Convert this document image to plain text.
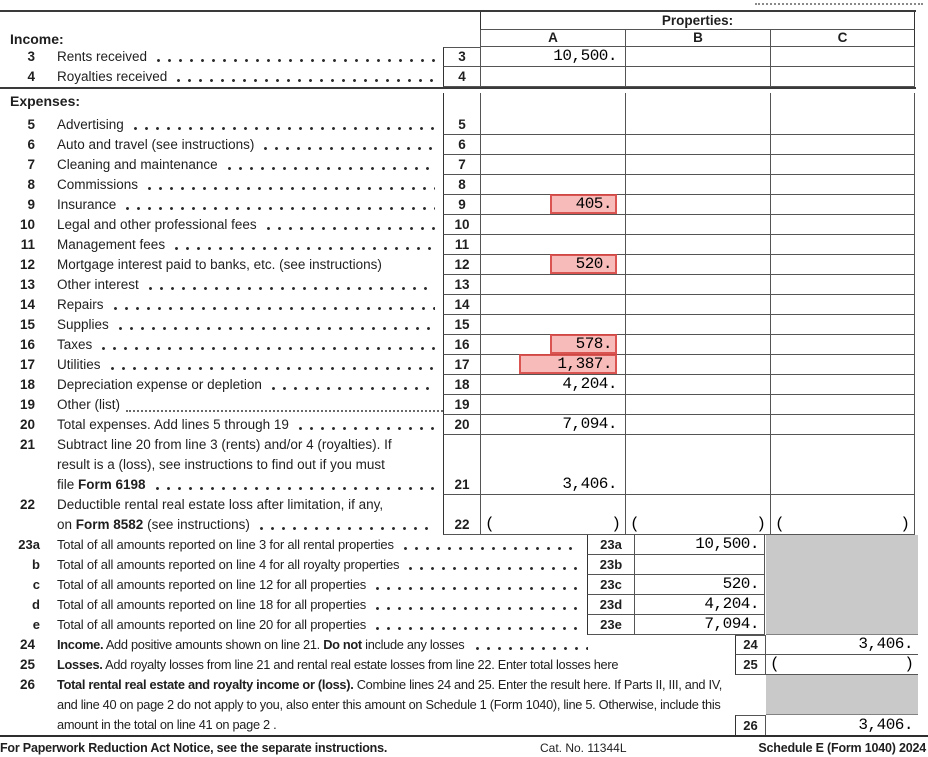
Properties:
Income:	A	B	C
3 Rents received	3	10,500.
4 Royalties received	4
Expenses:
5 Advertising	5
6 Auto and travel (see instructions)	6
7 Cleaning and maintenance	7
8 Commissions	8
9 Insurance	9	405.
10 Legal and other professional fees	10
11 Management fees	11
12 Mortgage interest paid to banks, etc. (see instructions)	12	520.
13 Other interest	13
14 Repairs	14
15 Supplies	15
16 Taxes	16	578.
17 Utilities	17	1,387.
18 Depreciation expense or depletion	18	4,204.
19 Other (list)	19
20 Total expenses. Add lines 5 through 19	20	7,094.
21 Subtract line 20 from line 3 (rents) and/or 4 (royalties). If
result is a (loss), see instructions to find out if you must
file Form 6198	21	3,406.
22 Deductible rental real estate loss after limitation, if any,
on Form 8582 (see instructions)	22 (	) (	) (	)
23a Total of all amounts reported on line 3 for all rental properties	23a	10,500.
b Total of all amounts reported on line 4 for all royalty properties	23b
c Total of all amounts reported on line 12 for all properties	23c	520.
d Total of all amounts reported on line 18 for all properties	23d	4,204.
e Total of all amounts reported on line 20 for all properties	23e	7,094.
24 Income. Add positive amounts shown on line 21. Do not include any losses	24	3,406.
25 Losses. Add royalty losses from line 21 and rental real estate losses from line 22. Enter total losses here	25 (	)
26 Total rental real estate and royalty income or (loss). Combine lines 24 and 25. Enter the result here. If Parts II, III, and IV, and line 40 on page 2 do not apply to you, also enter this amount on Schedule 1 (Form 1040), line 5. Otherwise, include this amount in the total on line 41 on page 2 .	26	3,406.
For Paperwork Reduction Act Notice, see the separate instructions.	Cat. No. 11344L	Schedule E (Form 1040) 2024
